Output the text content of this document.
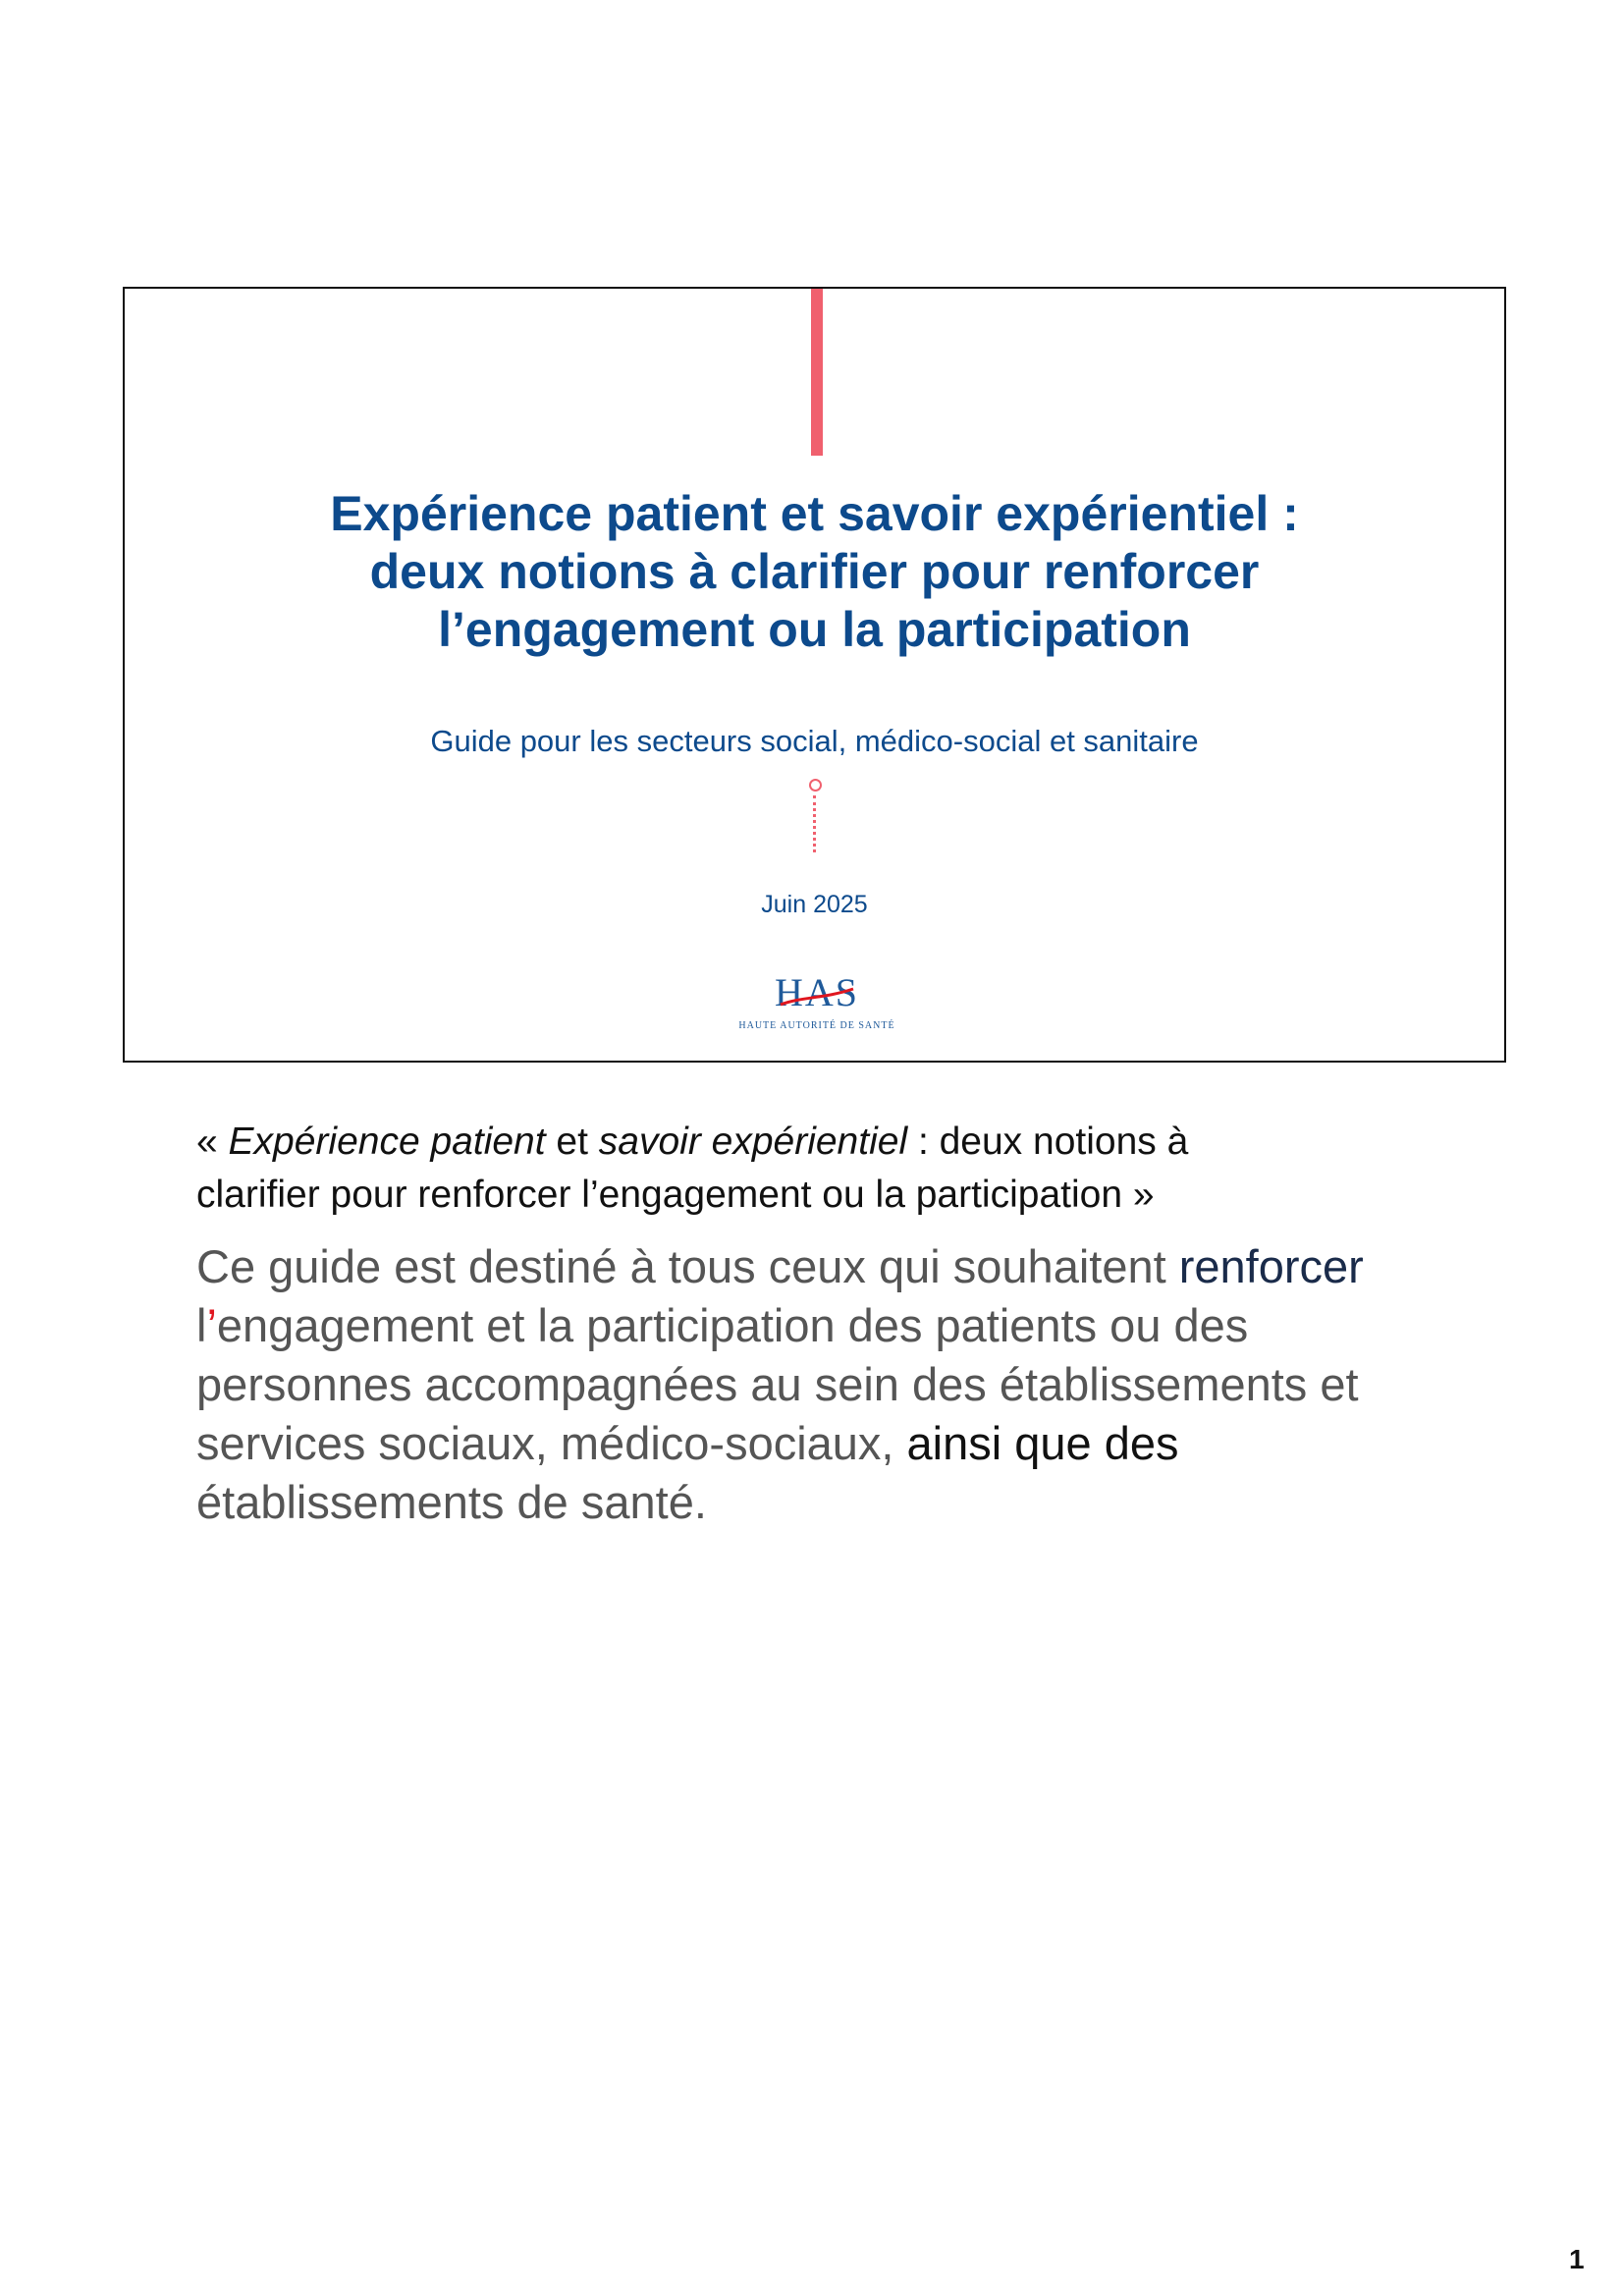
Expérience patient et savoir expérientiel :
deux notions à clarifier pour renforcer
l’engagement ou la participation
Guide pour les secteurs social, médico-social et sanitaire
Juin 2025
HAS
HAUTE AUTORITÉ DE SANTÉ
« Expérience patient et savoir expérientiel : deux notions à
clarifier pour renforcer l’engagement ou la participation »
Ce guide est destiné à tous ceux qui souhaitent renforcer
l’engagement et la participation des patients ou des
personnes accompagnées au sein des établissements et
services sociaux, médico-sociaux, ainsi que des
établissements de santé.
1
